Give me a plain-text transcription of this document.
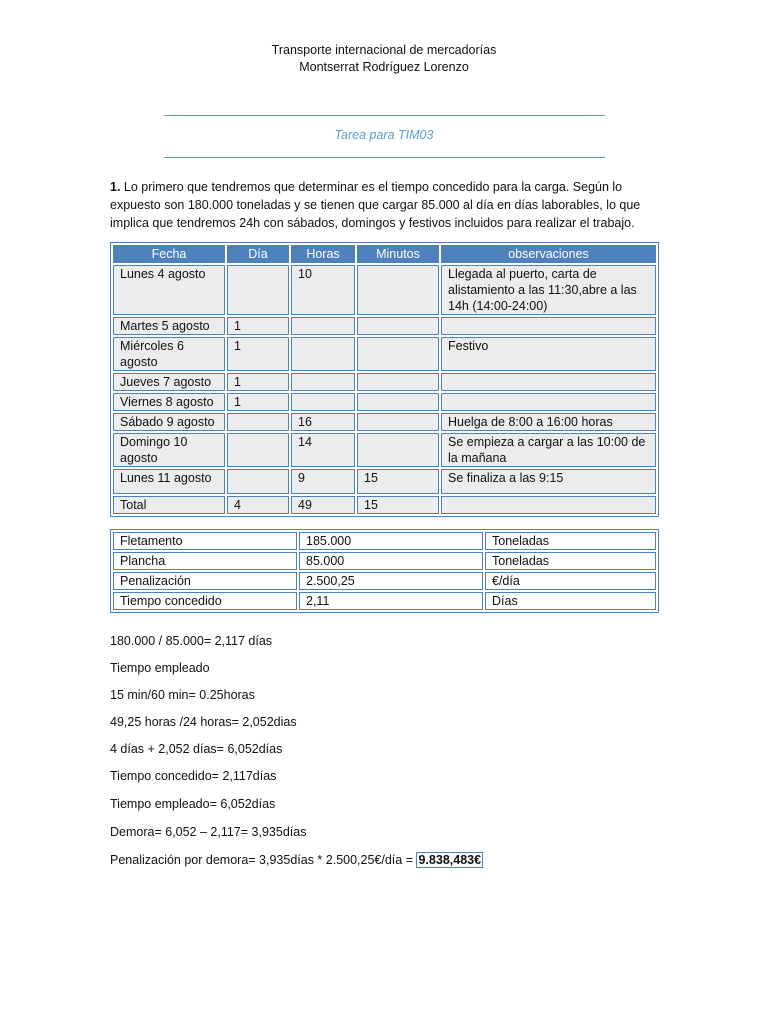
Transporte internacional de mercadorías
Montserrat Rodríguez Lorenzo
Tarea para TIM03
1. Lo primero que tendremos que determinar es el tiempo concedido para la carga. Según lo expuesto son 180.000 toneladas y se tienen que cargar 85.000 al día en días laborables, lo que implica que tendremos 24h con sábados, domingos y festivos incluidos para realizar el trabajo.
Fecha	Día	Horas	Minutos	observaciones
Lunes 4 agosto		10		Llegada al puerto, carta de alistamiento a las 11:30,abre a las 14h (14:00-24:00)
Martes 5 agosto	1			
Miércoles 6 agosto	1			Festivo
Jueves 7 agosto	1			
Viernes 8 agosto	1			
Sábado 9 agosto		16		Huelga de 8:00 a 16:00 horas
Domingo 10 agosto		14		Se empieza a cargar a las 10:00 de la mañana
Lunes 11 agosto		9	15	Se finaliza a las 9:15
Total	4	49	15	
Fletamento	185.000	Toneladas
Plancha	85.000	Toneladas
Penalización	2.500,25	€/día
Tiempo concedido	2,11	Días
180.000 / 85.000= 2,117 días
Tiempo empleado
15 min/60 min= 0.25horas
49,25 horas /24 horas= 2,052dias
4 días + 2,052 días= 6,052días
Tiempo concedido= 2,117días
Tiempo empleado= 6,052días
Demora= 6,052 – 2,117= 3,935días
Penalización por demora= 3,935días * 2.500,25€/día = 9.838,483€
